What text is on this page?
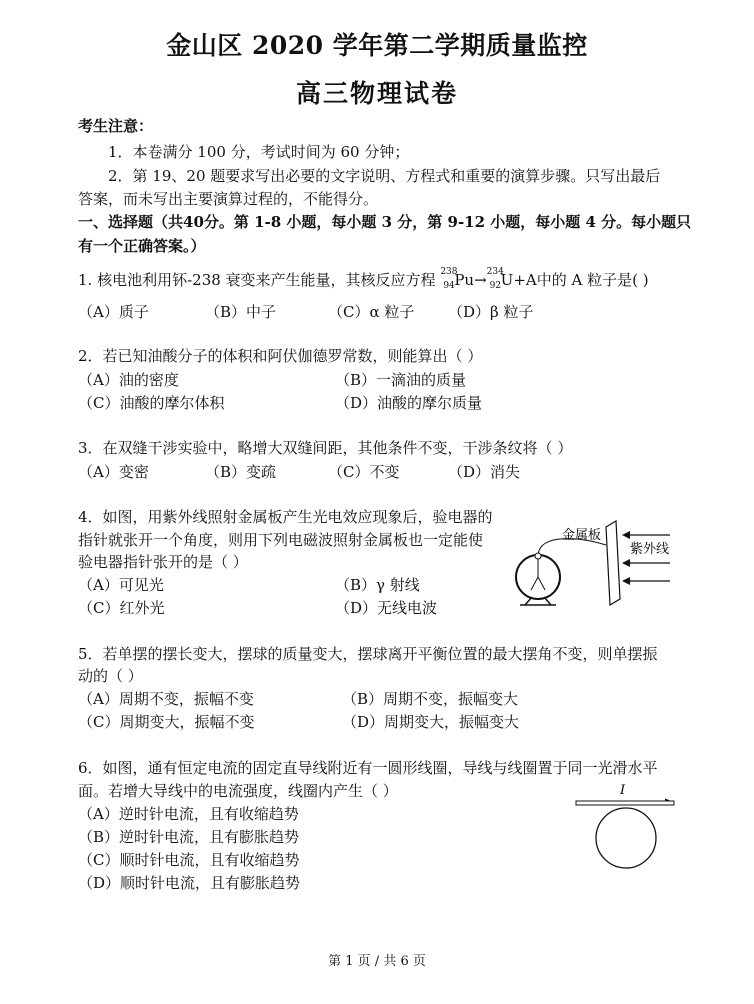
金山区 2020 学年第二学期质量监控
高三物理试卷
考生注意：
1．本卷满分 100 分，考试时间为 60 分钟；
2．第 19、20 题要求写出必要的文字说明、方程式和重要的演算步骤。只写出最后
答案，而未写出主要演算过程的，不能得分。
一、选择题（共40分。第 1-8 小题，每小题 3 分，第 9-12 小题，每小题 4 分。每小题只
有一个正确答案。）
1. 核电池利用钚-238 衰变来产生能量，其核反应方程 238
94 Pu→ 234
92 U+A中的 A 粒子是( )
（A）质子	（B）中子	（C）α 粒子 （D）β 粒子
2．若已知油酸分子的体积和阿伏伽德罗常数，则能算出（ ）
（A）油的密度	（B）一滴油的质量
（C）油酸的摩尔体积	（D）油酸的摩尔质量
3．在双缝干涉实验中，略增大双缝间距，其他条件不变，干涉条纹将（ ）
（A）变密	（B）变疏	（C）不变	（D）消失
4．如图，用紫外线照射金属板产生光电效应现象后，验电器的
指针就张开一个角度，则用下列电磁波照射金属板也一定能使
验电器指针张开的是（ ）
（A）可见光	（B）γ 射线
（C）红外光	（D）无线电波
金属板
紫外线
5．若单摆的摆长变大，摆球的质量变大，摆球离开平衡位置的最大摆角不变，则单摆振
动的（ ）
（A）周期不变，振幅不变	（B）周期不变，振幅变大
（C）周期变大，振幅不变	（D）周期变大，振幅变大
6．如图，通有恒定电流的固定直导线附近有一圆形线圈，导线与线圈置于同一光滑水平
面。若增大导线中的电流强度，线圈内产生（ ）
（A）逆时针电流，且有收缩趋势
（B）逆时针电流，且有膨胀趋势
（C）顺时针电流，且有收缩趋势
（D）顺时针电流，且有膨胀趋势
I
第 1 页 / 共 6 页
